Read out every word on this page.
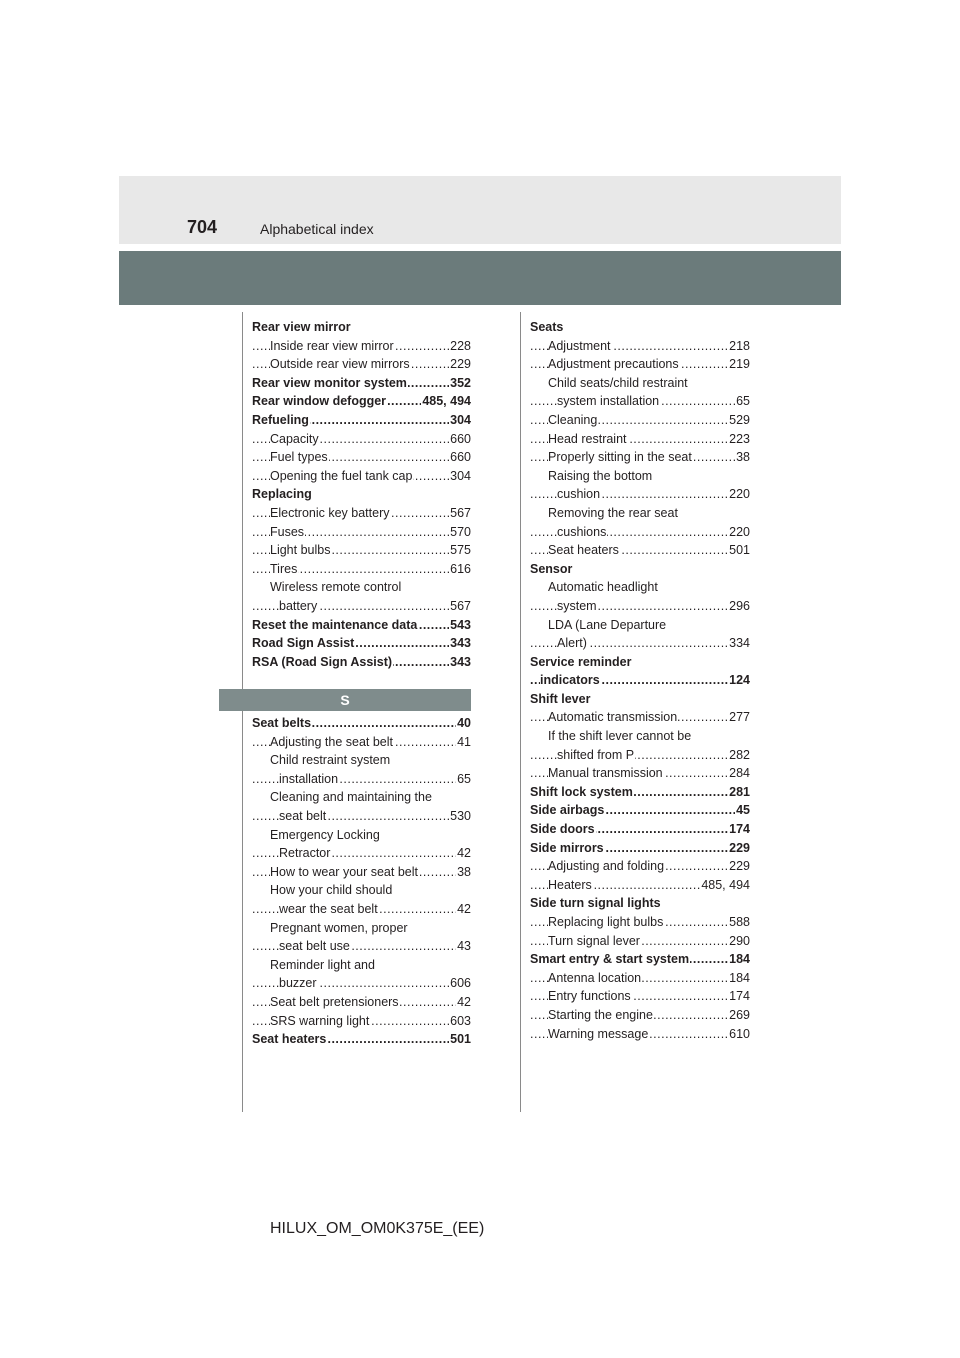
704	Alphabetical index
Rear view mirror
..... Inside rear view mirror	228
..... Outside rear view mirrors	229
..... Rear view monitor system	352
..... Rear window defogger	485, 494
..... Refueling	304
..... Capacity	660
..... Fuel types	660
..... Opening the fuel tank cap	304
Replacing
..... Electronic key battery	567
..... Fuses	570
..... Light bulbs	575
..... Tires	616
Wireless remote control
..... battery	567
..... Reset the maintenance data	543
..... Road Sign Assist	343
..... RSA (Road Sign Assist)	343
S
..... Seat belts	40
..... Adjusting the seat belt	41
Child restraint system
..... installation	65
Cleaning and maintaining the
..... seat belt	530
Emergency Locking
..... Retractor	42
..... How to wear your seat belt	38
How your child should
..... wear the seat belt	42
Pregnant women, proper
..... seat belt use	43
Reminder light and
..... buzzer	606
..... Seat belt pretensioners	42
..... SRS warning light	603
..... Seat heaters	501
Seats
..... Adjustment	218
..... Adjustment precautions	219
Child seats/child restraint
..... system installation	65
..... Cleaning	529
..... Head restraint	223
..... Properly sitting in the seat	38
Raising the bottom
..... cushion	220
Removing the rear seat
..... cushions	220
..... Seat heaters	501
Sensor
Automatic headlight
..... system	296
LDA (Lane Departure
..... Alert)	334
Service reminder
..... indicators	124
Shift lever
..... Automatic transmission	277
If the shift lever cannot be
..... shifted from P	282
..... Manual transmission	284
..... Shift lock system	281
..... Side airbags	45
..... Side doors	174
..... Side mirrors	229
..... Adjusting and folding	229
..... Heaters	485, 494
Side turn signal lights
..... Replacing light bulbs	588
..... Turn signal lever	290
..... Smart entry & start system	184
..... Antenna location	184
..... Entry functions	174
..... Starting the engine	269
..... Warning message	610
HILUX_OM_OM0K375E_(EE)
